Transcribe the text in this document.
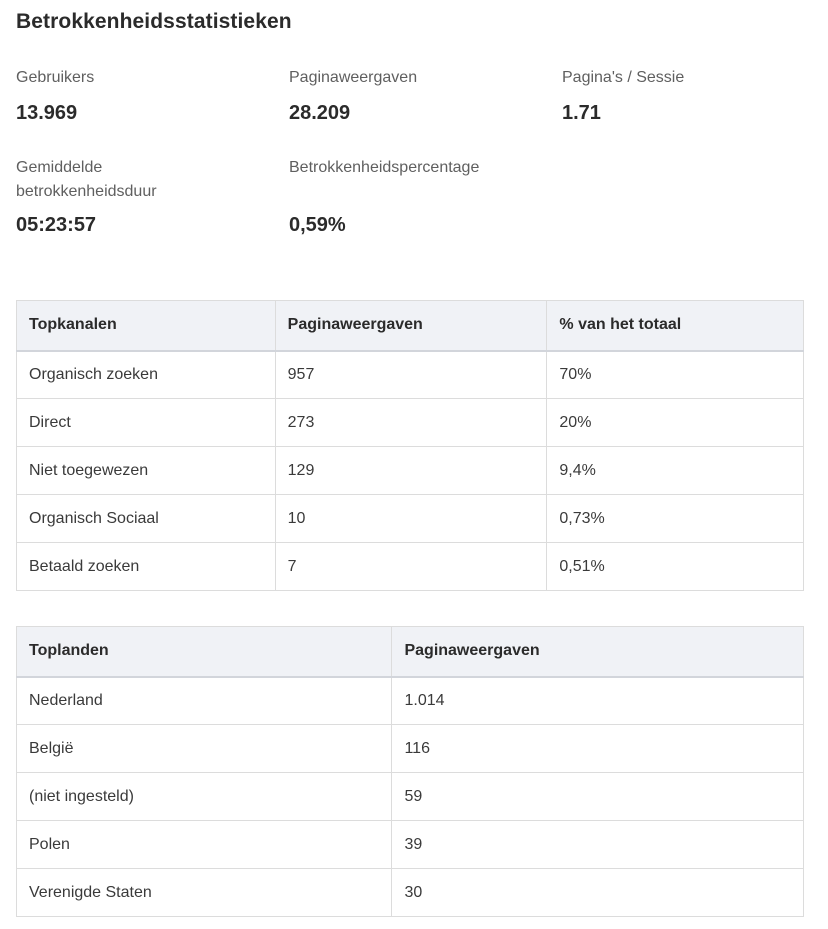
Betrokkenheidsstatistieken
Gebruikers
13.969
Paginaweergaven
28.209
Pagina's / Sessie
1.71
Gemiddelde betrokkenheidsduur
05:23:57
Betrokkenheidspercentage
0,59%
Topkanalen	Paginaweergaven	% van het totaal
Organisch zoeken	957	70%
Direct	273	20%
Niet toegewezen	129	9,4%
Organisch Sociaal	10	0,73%
Betaald zoeken	7	0,51%
Toplanden	Paginaweergaven
Nederland	1.014
België	116
(niet ingesteld)	59
Polen	39
Verenigde Staten	30
